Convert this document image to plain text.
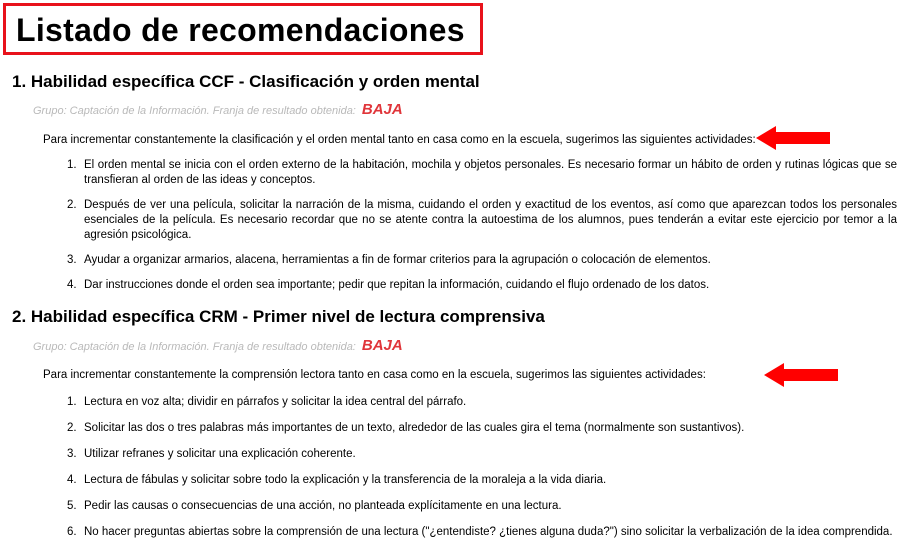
Listado de recomendaciones
1. Habilidad específica CCF - Clasificación y orden mental
Grupo: Captación de la Información. Franja de resultado obtenida: BAJA
Para incrementar constantemente la clasificación y el orden mental tanto en casa como en la escuela, sugerimos las siguientes actividades:
1. El orden mental se inicia con el orden externo de la habitación, mochila y objetos personales. Es necesario formar un hábito de orden y rutinas lógicas que se transfieran al orden de las ideas y conceptos.
2. Después de ver una película, solicitar la narración de la misma, cuidando el orden y exactitud de los eventos, así como que aparezcan todos los personales esenciales de la película. Es necesario recordar que no se atente contra la autoestima de los alumnos, pues tenderán a evitar este ejercicio por temor a la agresión psicológica.
3. Ayudar a organizar armarios, alacena, herramientas a fin de formar criterios para la agrupación o colocación de elementos.
4. Dar instrucciones donde el orden sea importante; pedir que repitan la información, cuidando el flujo ordenado de los datos.
2. Habilidad específica CRM - Primer nivel de lectura comprensiva
Grupo: Captación de la Información. Franja de resultado obtenida: BAJA
Para incrementar constantemente la comprensión lectora tanto en casa como en la escuela, sugerimos las siguientes actividades:
1. Lectura en voz alta; dividir en párrafos y solicitar la idea central del párrafo.
2. Solicitar las dos o tres palabras más importantes de un texto, alrededor de las cuales gira el tema (normalmente son sustantivos).
3. Utilizar refranes y solicitar una explicación coherente.
4. Lectura de fábulas y solicitar sobre todo la explicación y la transferencia de la moraleja a la vida diaria.
5. Pedir las causas o consecuencias de una acción, no planteada explícitamente en una lectura.
6. No hacer preguntas abiertas sobre la comprensión de una lectura ("¿entendiste? ¿tienes alguna duda?") sino solicitar la verbalización de la idea comprendida.
